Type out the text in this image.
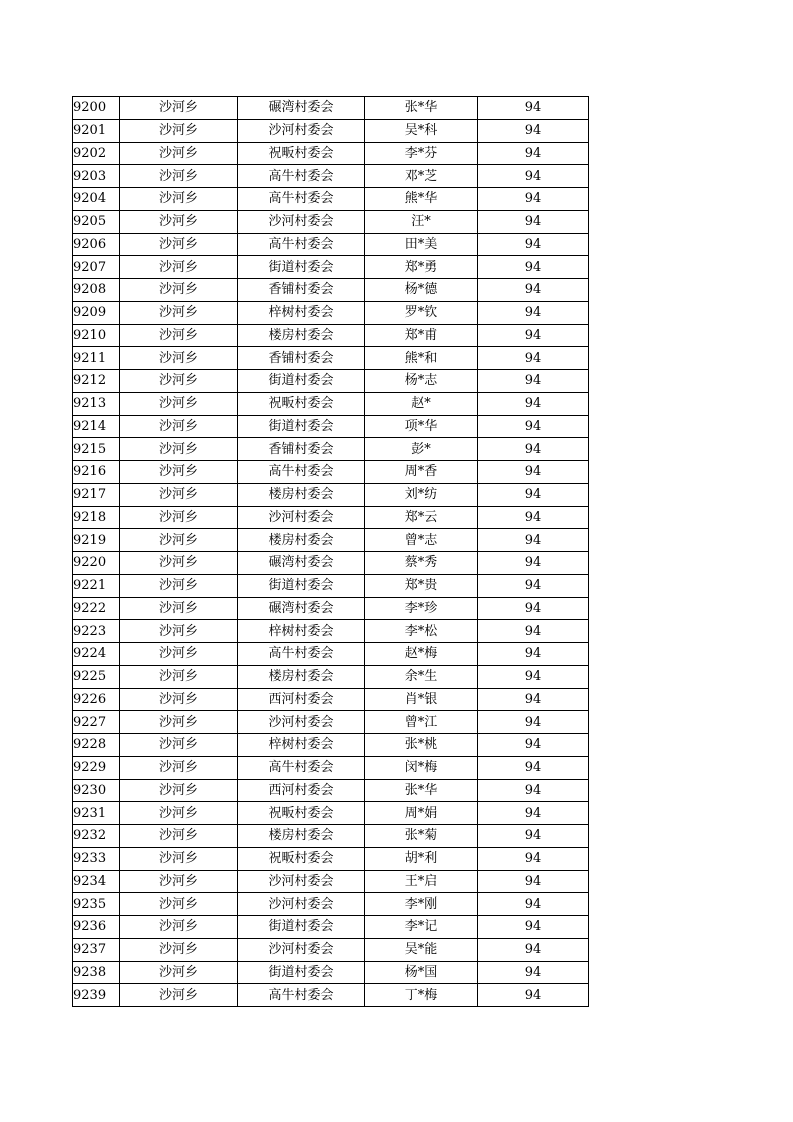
9200	沙河乡	碾湾村委会	张*华	94
9201	沙河乡	沙河村委会	吴*科	94
9202	沙河乡	祝畈村委会	李*芬	94
9203	沙河乡	高牛村委会	邓*芝	94
9204	沙河乡	高牛村委会	熊*华	94
9205	沙河乡	沙河村委会	汪*	94
9206	沙河乡	高牛村委会	田*美	94
9207	沙河乡	街道村委会	郑*勇	94
9208	沙河乡	香铺村委会	杨*德	94
9209	沙河乡	梓树村委会	罗*钦	94
9210	沙河乡	楼房村委会	郑*甫	94
9211	沙河乡	香铺村委会	熊*和	94
9212	沙河乡	街道村委会	杨*志	94
9213	沙河乡	祝畈村委会	赵*	94
9214	沙河乡	街道村委会	项*华	94
9215	沙河乡	香铺村委会	彭*	94
9216	沙河乡	高牛村委会	周*香	94
9217	沙河乡	楼房村委会	刘*纺	94
9218	沙河乡	沙河村委会	郑*云	94
9219	沙河乡	楼房村委会	曾*志	94
9220	沙河乡	碾湾村委会	蔡*秀	94
9221	沙河乡	街道村委会	郑*贵	94
9222	沙河乡	碾湾村委会	李*珍	94
9223	沙河乡	梓树村委会	李*松	94
9224	沙河乡	高牛村委会	赵*梅	94
9225	沙河乡	楼房村委会	余*生	94
9226	沙河乡	西河村委会	肖*银	94
9227	沙河乡	沙河村委会	曾*江	94
9228	沙河乡	梓树村委会	张*桃	94
9229	沙河乡	高牛村委会	闵*梅	94
9230	沙河乡	西河村委会	张*华	94
9231	沙河乡	祝畈村委会	周*娟	94
9232	沙河乡	楼房村委会	张*菊	94
9233	沙河乡	祝畈村委会	胡*利	94
9234	沙河乡	沙河村委会	王*启	94
9235	沙河乡	沙河村委会	李*刚	94
9236	沙河乡	街道村委会	李*记	94
9237	沙河乡	沙河村委会	吴*能	94
9238	沙河乡	街道村委会	杨*国	94
9239	沙河乡	高牛村委会	丁*梅	94
